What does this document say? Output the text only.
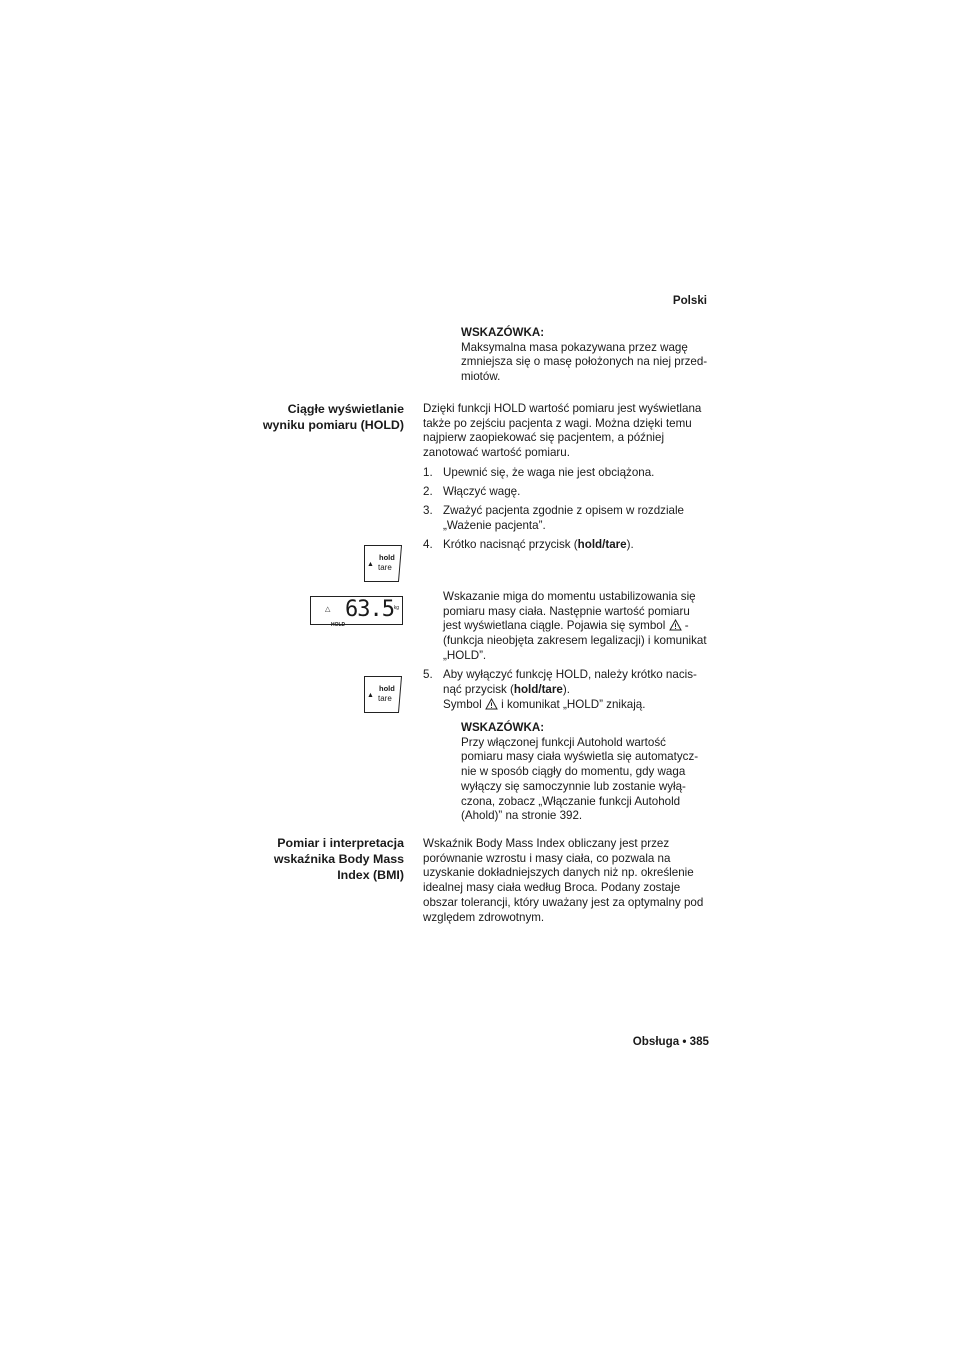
Polski
WSKAZÓWKA:
Maksymalna masa pokazywana przez wagę
zmniejsza się o masę położonych na niej przed-
miotów.
Ciągłe wyświetlanie
wyniku pomiaru (HOLD)
Dzięki funkcji HOLD wartość pomiaru jest wyświetlana
także po zejściu pacjenta z wagi. Można dzięki temu
najpierw zaopiekować się pacjentem, a później
zanotować wartość pomiaru.
1. Upewnić się, że waga nie jest obciążona.
2. Włączyć wagę.
3. Zważyć pacjenta zgodnie z opisem w rozdziale
„Ważenie pacjenta”.
4. Krótko nacisnąć przycisk (hold/tare).
▲
hold
tare
△ 63.5 kg
HOLD
Wskazanie miga do momentu ustabilizowania się
pomiaru masy ciała. Następnie wartość pomiaru
jest wyświetlana ciągle. Pojawia się symbol -
(funkcja nieobjęta zakresem legalizacji) i komunikat
„HOLD”.
5. Aby wyłączyć funkcję HOLD, należy krótko nacis-
nąć przycisk (hold/tare).
Symbol i komunikat „HOLD” znikają.
▲
hold
tare
WSKAZÓWKA:
Przy włączonej funkcji Autohold wartość
pomiaru masy ciała wyświetla się automatycz-
nie w sposób ciągły do momentu, gdy waga
wyłączy się samoczynnie lub zostanie wyłą-
czona, zobacz „Włączanie funkcji Autohold
(Ahold)” na stronie 392.
Pomiar i interpretacja
wskaźnika Body Mass
Index (BMI)
Wskaźnik Body Mass Index obliczany jest przez
porównanie wzrostu i masy ciała, co pozwala na
uzyskanie dokładniejszych danych niż np. określenie
idealnej masy ciała według Broca. Podany zostaje
obszar tolerancji, który uważany jest za optymalny pod
względem zdrowotnym.
Obsługa • 385
